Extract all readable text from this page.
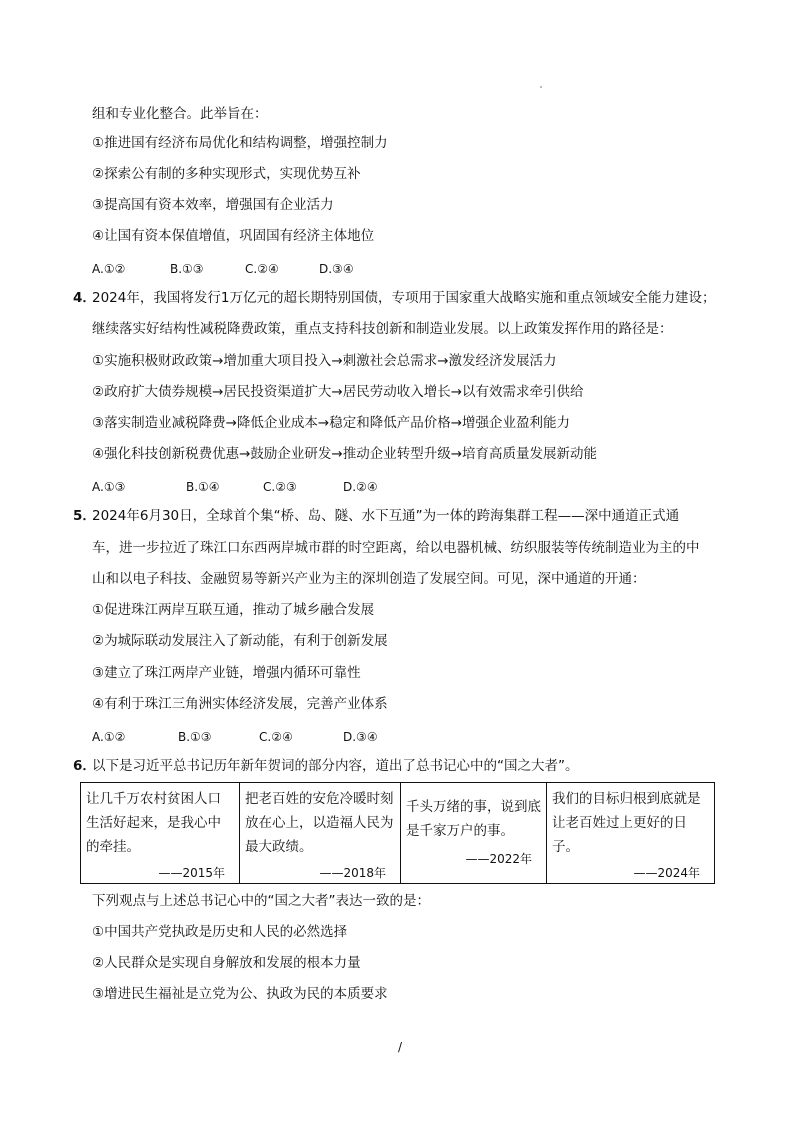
组和专业化整合。此举旨在：
①推进国有经济布局优化和结构调整，增强控制力
②探索公有制的多种实现形式，实现优势互补
③提高国有资本效率，增强国有企业活力
④让国有资本保值增值，巩固国有经济主体地位
A.①②	B.①③	C.②④	D.③④
4．
2024年，我国将发行1万亿元的超长期特别国债，专项用于国家重大战略实施和重点领域安全能力建设；
继续落实好结构性减税降费政策，重点支持科技创新和制造业发展。以上政策发挥作用的路径是：
①实施积极财政政策→增加重大项目投入→刺激社会总需求→激发经济发展活力
②政府扩大债券规模→居民投资渠道扩大→居民劳动收入增长→以有效需求牵引供给
③落实制造业减税降费→降低企业成本→稳定和降低产品价格→增强企业盈利能力
④强化科技创新税费优惠→鼓励企业研发→推动企业转型升级→培育高质量发展新动能
A.①③	B.①④	C.②③	D.②④
5．
2024年6月30日，全球首个集“桥、岛、隧、水下互通”为一体的跨海集群工程——深中通道正式通
车，进一步拉近了珠江口东西两岸城市群的时空距离，给以电器机械、纺织服装等传统制造业为主的中
山和以电子科技、金融贸易等新兴产业为主的深圳创造了发展空间。可见，深中通道的开通：
①促进珠江两岸互联互通，推动了城乡融合发展
②为城际联动发展注入了新动能，有利于创新发展
③建立了珠江两岸产业链，增强内循环可靠性
④有利于珠江三角洲实体经济发展，完善产业体系
A.①②	B.①③	C.②④	D.③④
6．
以下是习近平总书记历年新年贺词的部分内容，道出了总书记心中的“国之大者”。
让几千万农村贫困人口生活好起来，是我心中的牵挂。
——2015年

把老百姓的安危冷暖时刻放在心上，以造福人民为最大政绩。
——2018年

千头万绪的事，说到底是千家万户的事。
——2022年

我们的目标归根到底就是让老百姓过上更好的日子。
——2024年
下列观点与上述总书记心中的“国之大者”表达一致的是：
①中国共产党执政是历史和人民的必然选择
②人民群众是实现自身解放和发展的根本力量
③增进民生福祉是立党为公、执政为民的本质要求
/
